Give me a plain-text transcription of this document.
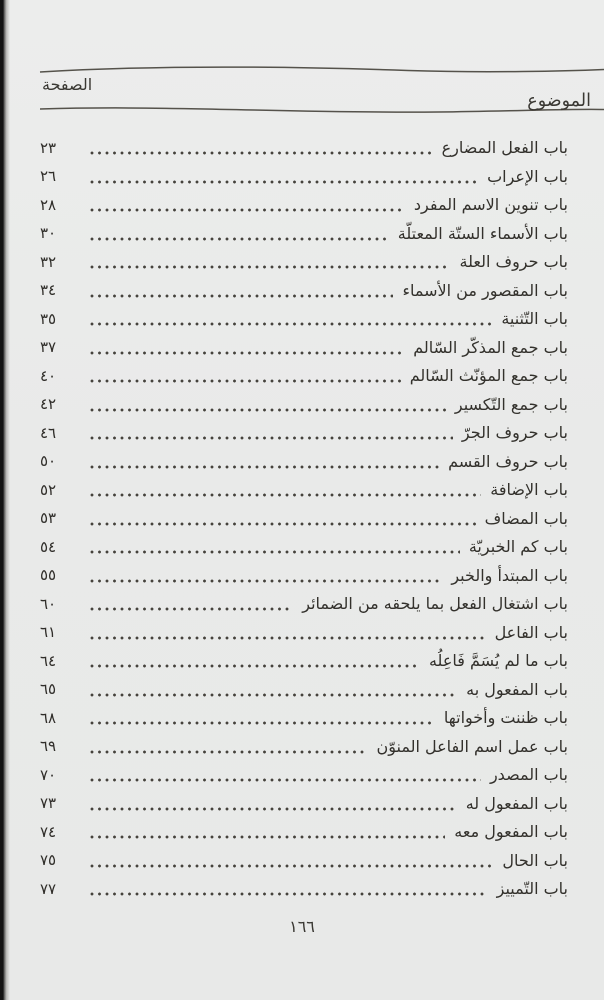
الصفحة
الموضوع
باب الفعل المضارع
٢٣
باب الإعراب
٢٦
باب تنوين الاسم المفرد
٢٨
باب الأسماء الستّة المعتلّة
٣٠
باب حروف العلة
٣٢
باب المقصور من الأسماء
٣٤
باب التّثنية
٣٥
باب جمع المذكّر السّالم
٣٧
باب جمع المؤنّث السّالم
٤٠
باب جمع التّكسير
٤٢
باب حروف الجرّ
٤٦
باب حروف القسم
٥٠
باب الإضافة
٥٢
باب المضاف
٥٣
باب كم الخبريّة
٥٤
باب المبتدأ والخبر
٥٥
باب اشتغال الفعل بما يلحقه من الضمائر
٦٠
باب الفاعل
٦١
باب ما لم يُسَمَّ فَاعِلُه
٦٤
باب المفعول به
٦٥
باب ظننت وأخواتها
٦٨
باب عمل اسم الفاعل المنوّن
٦٩
باب المصدر
٧٠
باب المفعول له
٧٣
باب المفعول معه
٧٤
باب الحال
٧٥
باب التّمييز
٧٧
١٦٦
